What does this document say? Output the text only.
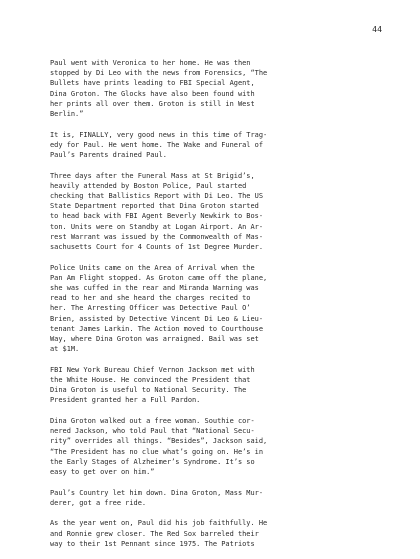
44

Paul went with Veronica to her home. He was then
stopped by Di Leo with the news from Forensics, “The
Bullets have prints leading to FBI Special Agent,
Dina Groton. The Glocks have also been found with
her prints all over them. Groton is still in West
Berlin.”

It is, FINALLY, very good news in this time of Trag-
edy for Paul. He went home. The Wake and Funeral of
Paul’s Parents drained Paul.

Three days after the Funeral Mass at St Brigid’s,
heavily attended by Boston Police, Paul started
checking that Ballistics Report with Di Leo. The US
State Department reported that Dina Groton started
to head back with FBI Agent Beverly Newkirk to Bos-
ton. Units were on Standby at Logan Airport. An Ar-
rest Warrant was issued by the Commonwealth of Mas-
sachusetts Court for 4 Counts of 1st Degree Murder.

Police Units came on the Area of Arrival when the
Pan Am Flight stopped. As Groton came off the plane,
she was cuffed in the rear and Miranda Warning was
read to her and she heard the charges recited to
her. The Arresting Officer was Detective Paul O’
Brien, assisted by Detective Vincent Di Leo & Lieu-
tenant James Larkin. The Action moved to Courthouse
Way, where Dina Groton was arraigned. Bail was set
at $1M.

FBI New York Bureau Chief Vernon Jackson met with
the White House. He convinced the President that
Dina Groton is useful to National Security. The
President granted her a Full Pardon.

Dina Groton walked out a free woman. Southie cor-
nered Jackson, who told Paul that “National Secu-
rity” overrides all things. “Besides”, Jackson said,
“The President has no clue what’s going on. He’s in
the Early Stages of Alzheimer’s Syndrome. It’s so
easy to get over on him.”

Paul’s Country let him down. Dina Groton, Mass Mur-
derer, got a free ride.

As the year went on, Paul did his job faithfully. He
and Ronnie grew closer. The Red Sox barreled their
way to their 1st Pennant since 1975. The Patriots
